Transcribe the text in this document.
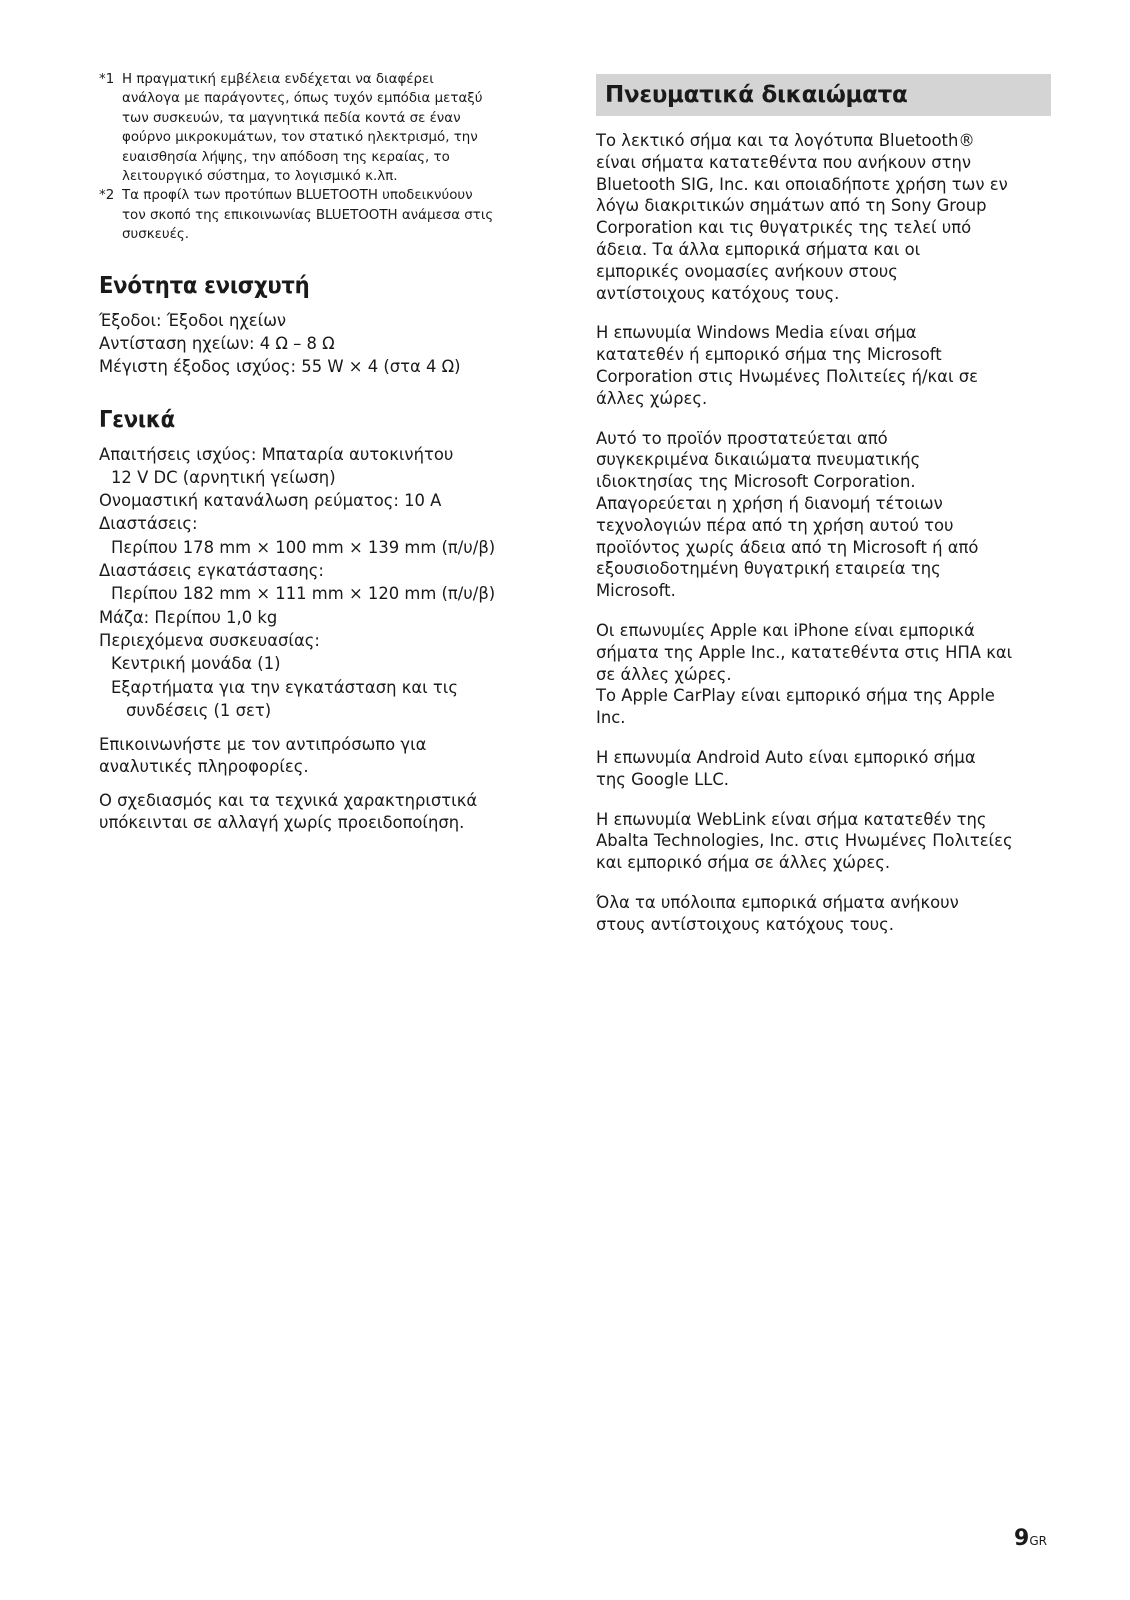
*1 Η πραγματική εμβέλεια ενδέχεται να διαφέρει
ανάλογα με παράγοντες, όπως τυχόν εμπόδια μεταξύ
των συσκευών, τα μαγνητικά πεδία κοντά σε έναν
φούρνο μικροκυμάτων, τον στατικό ηλεκτρισμό, την
ευαισθησία λήψης, την απόδοση της κεραίας, το
λειτουργικό σύστημα, το λογισμικό κ.λπ.
*2 Τα προφίλ των προτύπων BLUETOOTH υποδεικνύουν
τον σκοπό της επικοινωνίας BLUETOOTH ανάμεσα στις
συσκευές.
Ενότητα ενισχυτή
Έξοδοι: Έξοδοι ηχείων
Αντίσταση ηχείων: 4 Ω – 8 Ω
Μέγιστη έξοδος ισχύος: 55 W × 4 (στα 4 Ω)
Γενικά
Απαιτήσεις ισχύος: Μπαταρία αυτοκινήτου
12 V DC (αρνητική γείωση)
Ονομαστική κατανάλωση ρεύματος: 10 A
Διαστάσεις:
Περίπου 178 mm × 100 mm × 139 mm (π/υ/β)
Διαστάσεις εγκατάστασης:
Περίπου 182 mm × 111 mm × 120 mm (π/υ/β)
Μάζα: Περίπου 1,0 kg
Περιεχόμενα συσκευασίας:
Κεντρική μονάδα (1)
Εξαρτήματα για την εγκατάσταση και τις
συνδέσεις (1 σετ)
Επικοινωνήστε με τον αντιπρόσωπο για
αναλυτικές πληροφορίες.
Ο σχεδιασμός και τα τεχνικά χαρακτηριστικά
υπόκεινται σε αλλαγή χωρίς προειδοποίηση.
Πνευματικά δικαιώματα
Το λεκτικό σήμα και τα λογότυπα Bluetooth®
είναι σήματα κατατεθέντα που ανήκουν στην
Bluetooth SIG, Inc. και οποιαδήποτε χρήση των εν
λόγω διακριτικών σημάτων από τη Sony Group
Corporation και τις θυγατρικές της τελεί υπό
άδεια. Τα άλλα εμπορικά σήματα και οι
εμπορικές ονομασίες ανήκουν στους
αντίστοιχους κατόχους τους.
Η επωνυμία Windows Media είναι σήμα
κατατεθέν ή εμπορικό σήμα της Microsoft
Corporation στις Ηνωμένες Πολιτείες ή/και σε
άλλες χώρες.
Αυτό το προϊόν προστατεύεται από
συγκεκριμένα δικαιώματα πνευματικής
ιδιοκτησίας της Microsoft Corporation.
Απαγορεύεται η χρήση ή διανομή τέτοιων
τεχνολογιών πέρα από τη χρήση αυτού του
προϊόντος χωρίς άδεια από τη Microsoft ή από
εξουσιοδοτημένη θυγατρική εταιρεία της
Microsoft.
Οι επωνυμίες Apple και iPhone είναι εμπορικά
σήματα της Apple Inc., κατατεθέντα στις ΗΠΑ και
σε άλλες χώρες.
Το Apple CarPlay είναι εμπορικό σήμα της Apple
Inc.
Η επωνυμία Android Auto είναι εμπορικό σήμα
της Google LLC.
Η επωνυμία WebLink είναι σήμα κατατεθέν της
Abalta Technologies, Inc. στις Ηνωμένες Πολιτείες
και εμπορικό σήμα σε άλλες χώρες.
Όλα τα υπόλοιπα εμπορικά σήματα ανήκουν
στους αντίστοιχους κατόχους τους.
9GR
